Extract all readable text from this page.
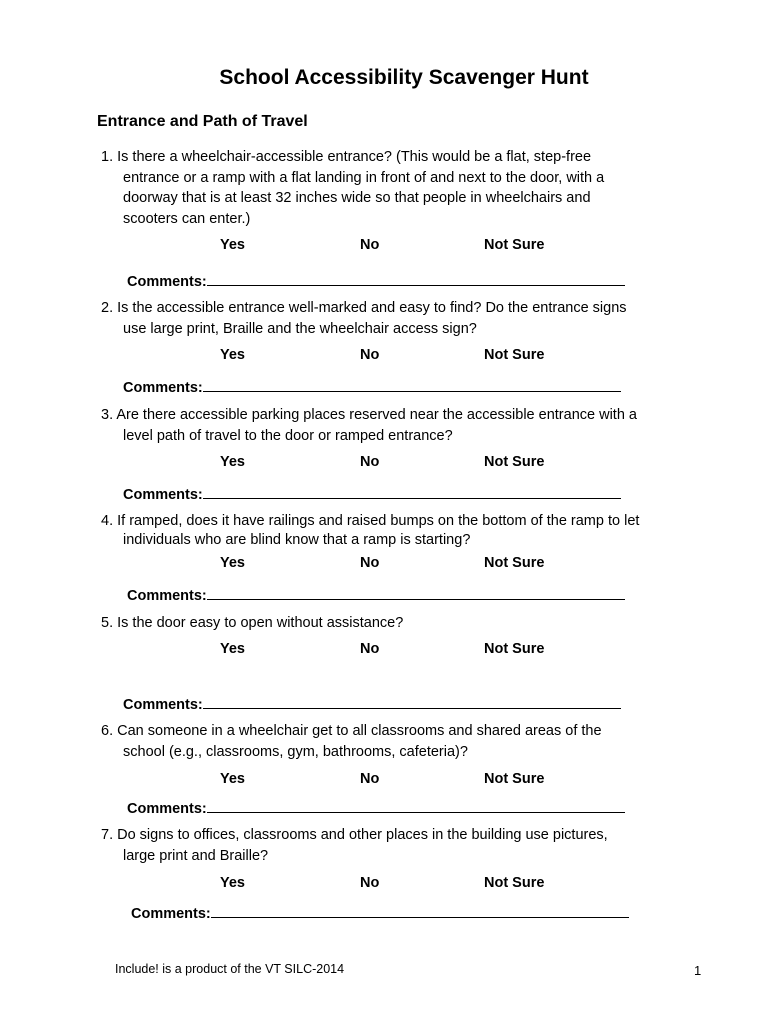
School Accessibility Scavenger Hunt
Entrance and Path of Travel
1. Is there a wheelchair-accessible entrance? (This would be a flat, step-free
entrance or a ramp with a flat landing in front of and next to the door, with a
doorway that is at least 32 inches wide so that people in wheelchairs and
scooters can enter.)
Yes	No	Not Sure
Comments:
2. Is the accessible entrance well-marked and easy to find? Do the entrance signs
use large print, Braille and the wheelchair access sign?
Yes	No	Not Sure
Comments:
3. Are there accessible parking places reserved near the accessible entrance with a
level path of travel to the door or ramped entrance?
Yes	No	Not Sure
Comments:
4. If ramped, does it have railings and raised bumps on the bottom of the ramp to let
individuals who are blind know that a ramp is starting?
Yes	No	Not Sure
Comments:
5. Is the door easy to open without assistance?
Yes	No	Not Sure
Comments:
6. Can someone in a wheelchair get to all classrooms and shared areas of the
school (e.g., classrooms, gym, bathrooms, cafeteria)?
Yes	No	Not Sure
Comments:
7. Do signs to offices, classrooms and other places in the building use pictures,
large print and Braille?
Yes	No	Not Sure
Comments:
Include! is a product of the VT SILC-2014	1
